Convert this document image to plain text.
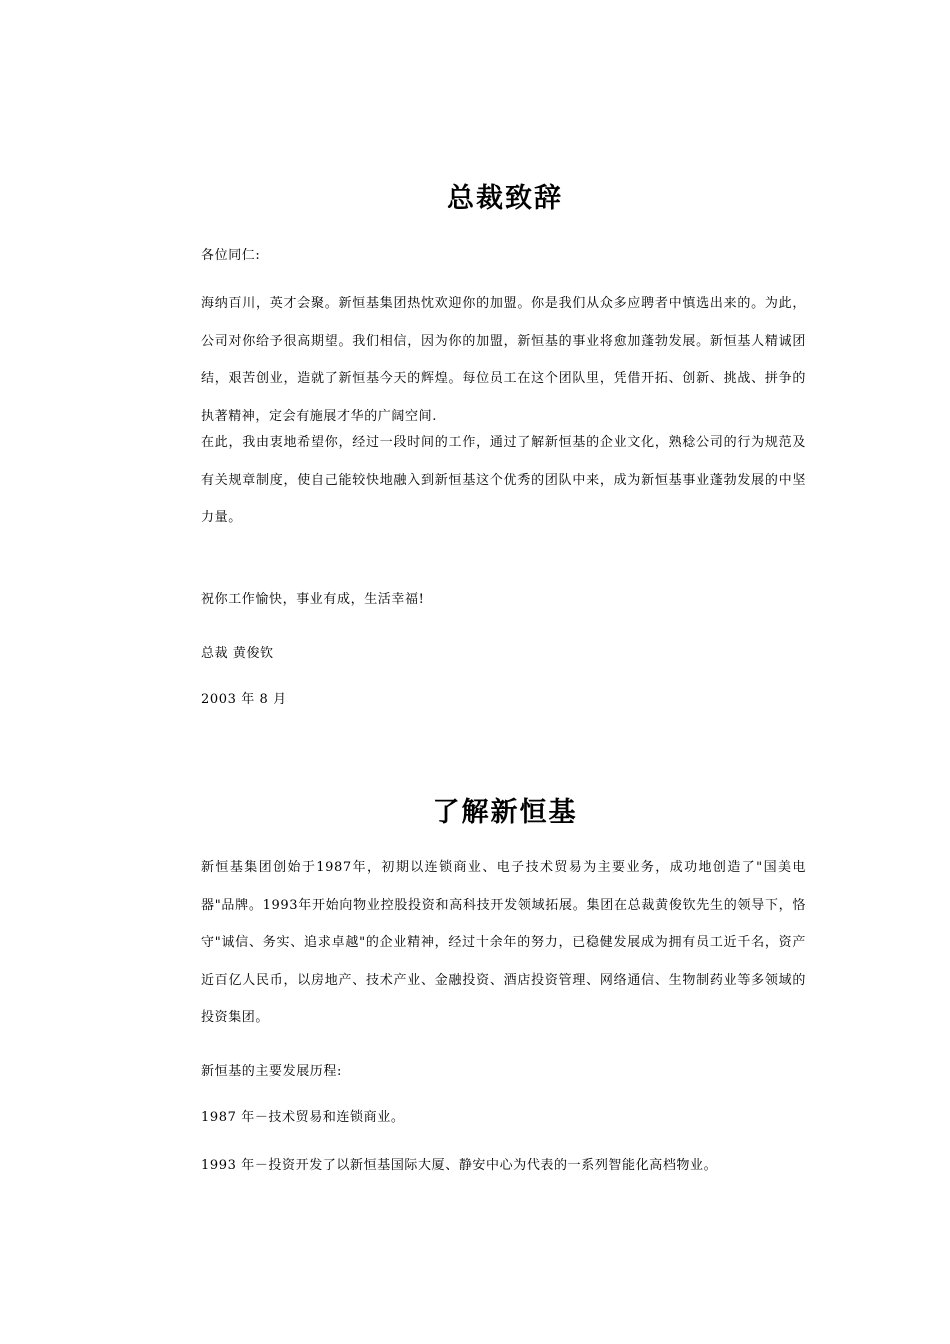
总裁致辞

各位同仁:

海纳百川，英才会聚。新恒基集团热忱欢迎你的加盟。你是我们从众多应聘者中慎选出来的。为此，公司对你给予很高期望。我们相信，因为你的加盟，新恒基的事业将愈加蓬勃发展。新恒基人精诚团结，艰苦创业，造就了新恒基今天的辉煌。每位员工在这个团队里，凭借开拓、创新、挑战、拼争的执著精神，定会有施展才华的广阔空间.

在此，我由衷地希望你，经过一段时间的工作，通过了解新恒基的企业文化，熟稔公司的行为规范及有关规章制度，使自己能较快地融入到新恒基这个优秀的团队中来，成为新恒基事业蓬勃发展的中坚力量。

祝你工作愉快，事业有成，生活幸福!

总裁 黄俊钦

2003 年 8 月

了解新恒基

新恒基集团创始于1987年，初期以连锁商业、电子技术贸易为主要业务，成功地创造了"国美电器"品牌。1993年开始向物业控股投资和高科技开发领域拓展。集团在总裁黄俊钦先生的领导下，恪守"诚信、务实、追求卓越"的企业精神，经过十余年的努力，已稳健发展成为拥有员工近千名，资产近百亿人民币，以房地产、技术产业、金融投资、酒店投资管理、网络通信、生物制药业等多领域的投资集团。

新恒基的主要发展历程:

1987 年－技术贸易和连锁商业。

1993 年－投资开发了以新恒基国际大厦、静安中心为代表的一系列智能化高档物业。
